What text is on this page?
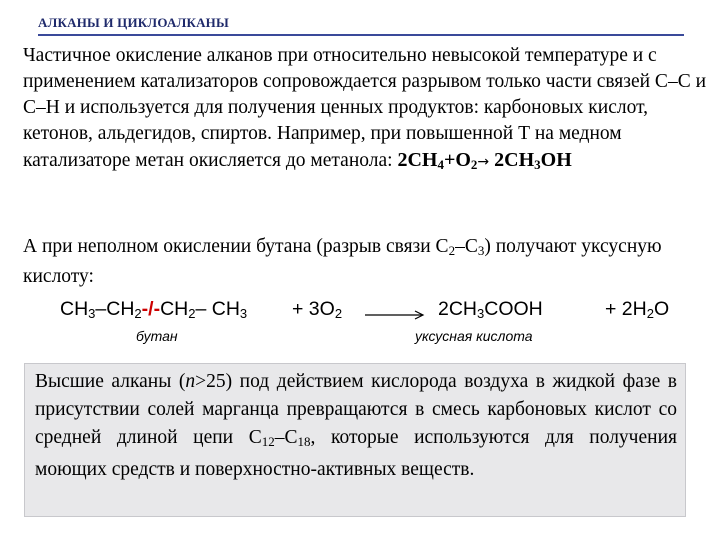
АЛКАНЫ И ЦИКЛОАЛКАНЫ
Частичное окисление алканов при относительно невысокой температуре и с применением катализаторов сопровождается разрывом только части связей С–С и С–Н и используется для получения ценных продуктов: карбоновых кислот, кетонов, альдегидов, спиртов. Например, при повышенной Т на медном катализаторе метан окисляется до метанола: $2CH_4+O_2\to 2CH_3OH$
А при неполном окислении бутана (разрыв связи $С_2-С_3$) получают уксусную кислоту:
$CH_3-CH_2-/-CH_2-$ $CH_3 + 3O_2$	$2CH_3COOH$	+ $2H_2O$
бутан	уксусная кислота
Высшие алканы (n>25) под действием кислорода воздуха в жидкой фазе в присутствии солей марганца превращаются в смесь карбоновых кислот со средней длиной цепи $С_{12}-С_{18}$, которые используются для получения моющих средств и поверхностно-активных веществ.
